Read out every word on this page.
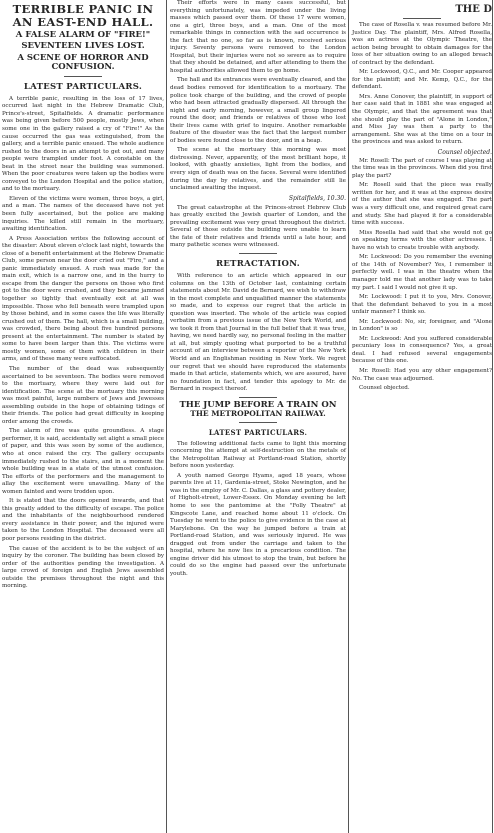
TERRIBLE PANIC IN AN EAST-END HALL.
A FALSE ALARM OF "FIRE!"
SEVENTEEN LIVES LOST.
A SCENE OF HORROR AND CONFUSION.
LATEST PARTICULARS.

A terrible panic, resulting in the loss of 17 lives, occurred last night in the Hebrew Dramatic Club, Prince's-street, Spitalfields. A dramatic performance was being given before 500 people, mostly Jews, when some one in the gallery raised a cry of "Fire!" As the cause occurred the gas was extinguished, from the gallery, and a terrible panic ensued. The whole audience rushed to the doors in an attempt to get out, and many people were trampled under foot. A constable on the beat in the street near the building was summoned. When the poor creatures were taken up the bodies were conveyed to the London Hospital and the police station, and to the mortuary.

Eleven of the victims were women, three boys, a girl, and a man. The names of the deceased have not yet been fully ascertained, but the police are making inquiries. The killed still remain in the mortuary, awaiting identification.

A Press Association writes the following account of the disaster: About eleven o'clock last night, towards the close of a benefit entertainment at the Hebrew Dramatic Club, some person near the door cried out "Fire," and a panic immediately ensued. A rush was made for the main exit, which is a narrow one, and in the hurry to escape from the danger the persons on those who first got to the door were crushed, and they became jammed together so tightly that eventually exit at all was impossible. Those who fell beneath were trampled upon by those behind, and in some cases the life was literally crushed out of them. The hall, which is a small building, was crowded, there being about five hundred persons present at the entertainment. The number is stated by some to have been larger than this. The victims were mostly women, some of them with children in their arms, and of these many were suffocated.

The number of the dead was subsequently ascertained to be seventeen. The bodies were removed to the mortuary, where they were laid out for identification. The scene at the mortuary this morning was most painful, large numbers of Jews and Jewesses assembling outside in the hope of obtaining tidings of their friends. The police had great difficulty in keeping order among the crowds.

The alarm of fire was quite groundless. A stage performer, it is said, accidentally set alight a small piece of paper, and this was seen by some of the audience, who at once raised the cry. The gallery occupants immediately rushed to the stairs, and in a moment the whole building was in a state of the utmost confusion. The efforts of the performers and the management to allay the excitement were unavailing. Many of the women fainted and were trodden upon.

It is stated that the doors opened inwards, and that this greatly added to the difficulty of escape. The police and the inhabitants of the neighbourhood rendered every assistance in their power, and the injured were taken to the London Hospital. The deceased were all poor persons residing in the district.

The cause of the accident is to be the subject of an inquiry by the coroner. The building has been closed by order of the authorities pending the investigation. A large crowd of foreign and English Jews assembled outside the premises throughout the night and this morning.

Their efforts were in many cases successful, but everything unfortunately, was impeded under the living masses which passed over them. Of these 17 were women, one a girl, three boys, and a man. One of the most remarkable things in connection with the sad occurrence is the fact that no one, so far as is known, received serious injury. Seventy persons were removed to the London Hospital, but their injuries were not so severe as to require that they should be detained, and after attending to them the hospital authorities allowed them to go home.

The hall and its entrances were eventually cleared, and the dead bodies removed for identification to a mortuary. The police took charge of the building, and the crowd of people who had been attracted gradually dispersed. All through the night and early morning, however, a small group lingered round the door, and friends or relatives of those who lost their lives came with grief to inquire. Another remarkable feature of the disaster was the fact that the largest number of bodies were found close to the door, and in a heap.

The scene at the mortuary this morning was most distressing. Never, apparently, of the most brilliant hope, it looked, with ghastly anxieties, light from the bodies, and every sign of death was on the faces. Several were identified during the day by relatives, and the remainder still lie unclaimed awaiting the inquest.

Spitalfields, 10.30.

The great catastrophe at the Princes-street Hebrew Club has greatly excited the Jewish quarter of London, and the prevailing excitement was very great throughout the district. Several of those outside the building were unable to learn the fate of their relatives and friends until a late hour, and many pathetic scenes were witnessed.

RETRACTATION.

With reference to an article which appeared in our columns on the 13th of October last, containing certain statements about Mr. David de Bernard, we wish to withdraw in the most complete and unqualified manner the statements so made, and to express our regret that the article in question was inserted. The whole of the article was copied verbatim from a previous issue of the New York World, and we took it from that Journal in the full belief that it was true, having, we need hardly say, no personal feeling in the matter at all, but simply quoting what purported to be a truthful account of an interview between a reporter of the New York World and an Englishman residing in New York. We regret our regret that we should have reproduced the statements made in that article, statements which, we are assured, have no foundation in fact, and tender this apology to Mr. de Bernard in respect thereof.

THE JUMP BEFORE A TRAIN ON
THE METROPOLITAN RAILWAY.
LATEST PARTICULARS.

The following additional facts came to light this morning concerning the attempt at self-destruction on the metals of the Metropolitan Railway at Portland-road Station, shortly before noon yesterday.

A youth named George Hyams, aged 18 years, whose parents live at 11, Gardenia-street, Stoke Newington, and he was in the employ of Mr. C. Dallas, a glass and pottery dealer, of Higholt-street, Lower-Essex. On Monday evening he left home to see the pantomime at the "Folly Theatre" at Kingscote Lane, and reached home about 11 o'clock. On Tuesday he went to the police to give evidence in the case at Marylebone. On the way he jumped before a train at Portland-road Station, and was seriously injured. He was dragged out from under the carriage and taken to the hospital, where he now lies in a precarious condition. The engine driver did his utmost to stop the train, but before he could do so the engine had passed over the unfortunate youth.

THE D

The case of Rosella v. was resumed before Mr. Justice Day. The plaintiff, Mrs. Alfred Rosella, was an actress at the Olympic Theatre, the action being brought to obtain damages for the loss of her situation owing to an alleged breach of contract by the defendant.

Mr. Lockwood, Q.C., and Mr. Cooper appeared for the plaintiff; and Mr. Kemp, Q.C., for the defendant.

Mrs. Anne Conover, the plaintiff, in support of her case said that in 1881 she was engaged at the Olympic, and that the agreement was that she should play the part of "Alone in London," and Miss Jay was then a party to the arrangement. She was at the time on a tour in the provinces and was asked to return.

Counsel objected.

Mr. Rosell: The part of course I was playing at the time was in the provinces. When did you first play the part?

Mr. Rosell said that the piece was really written for her, and it was at the express desire of the author that she was engaged. The part was a very difficult one, and required great care and study. She had played it for a considerable time with success.

Miss Rosella had said that she would not go on speaking terms with the other actresses. I have no wish to create trouble with anybody.

Mr. Lockwood: Do you remember the evening of the 14th of November? Yes, I remember it perfectly well. I was in the theatre when the manager told me that another lady was to take my part. I said I would not give it up.

Mr. Lockwood: I put it to you, Mrs. Conover, that the defendant behaved to you in a most unfair manner? I think so.

Mr. Lockwood: No, sir, foreigner, and "Alone in London" is so

Mr. Lockwood: And you suffered considerable pecuniary loss in consequence? Yes, a great deal. I had refused several engagements because of this one.

Mr. Rosell: Had you any other engagement? No. The case was adjourned.

Counsel objected.
